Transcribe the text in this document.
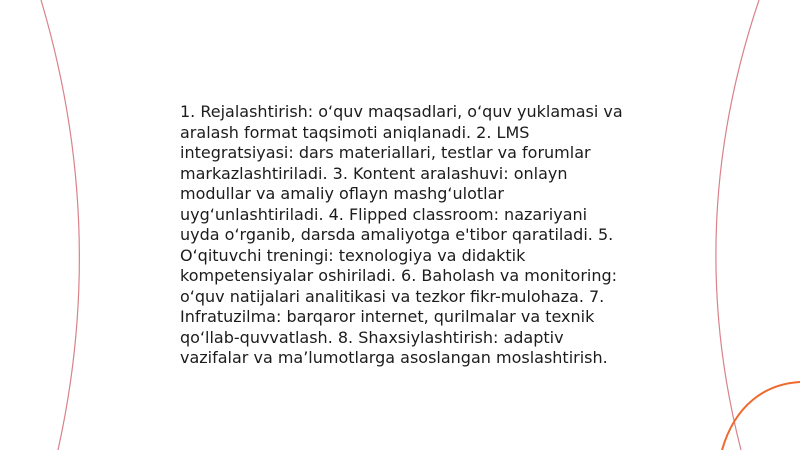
1. Rejalashtirish: o‘quv maqsadlari, o‘quv yuklamasi va aralash format taqsimoti aniqlanadi. 2. LMS integratsiyasi: dars materiallari, testlar va forumlar markazlashtiriladi. 3. Kontent aralashuvi: onlayn modullar va amaliy oflayn mashg‘ulotlar uyg‘unlashtiriladi. 4. Flipped classroom: nazariyani uyda o‘rganib, darsda amaliyotga e'tibor qaratiladi. 5. O‘qituvchi treningi: texnologiya va didaktik kompetensiyalar oshiriladi. 6. Baholash va monitoring: o‘quv natijalari analitikasi va tezkor fikr-mulohaza. 7. Infratuzilma: barqaror internet, qurilmalar va texnik qo‘llab-quvvatlash. 8. Shaxsiylashtirish: adaptiv vazifalar va ma’lumotlarga asoslangan moslashtirish.
